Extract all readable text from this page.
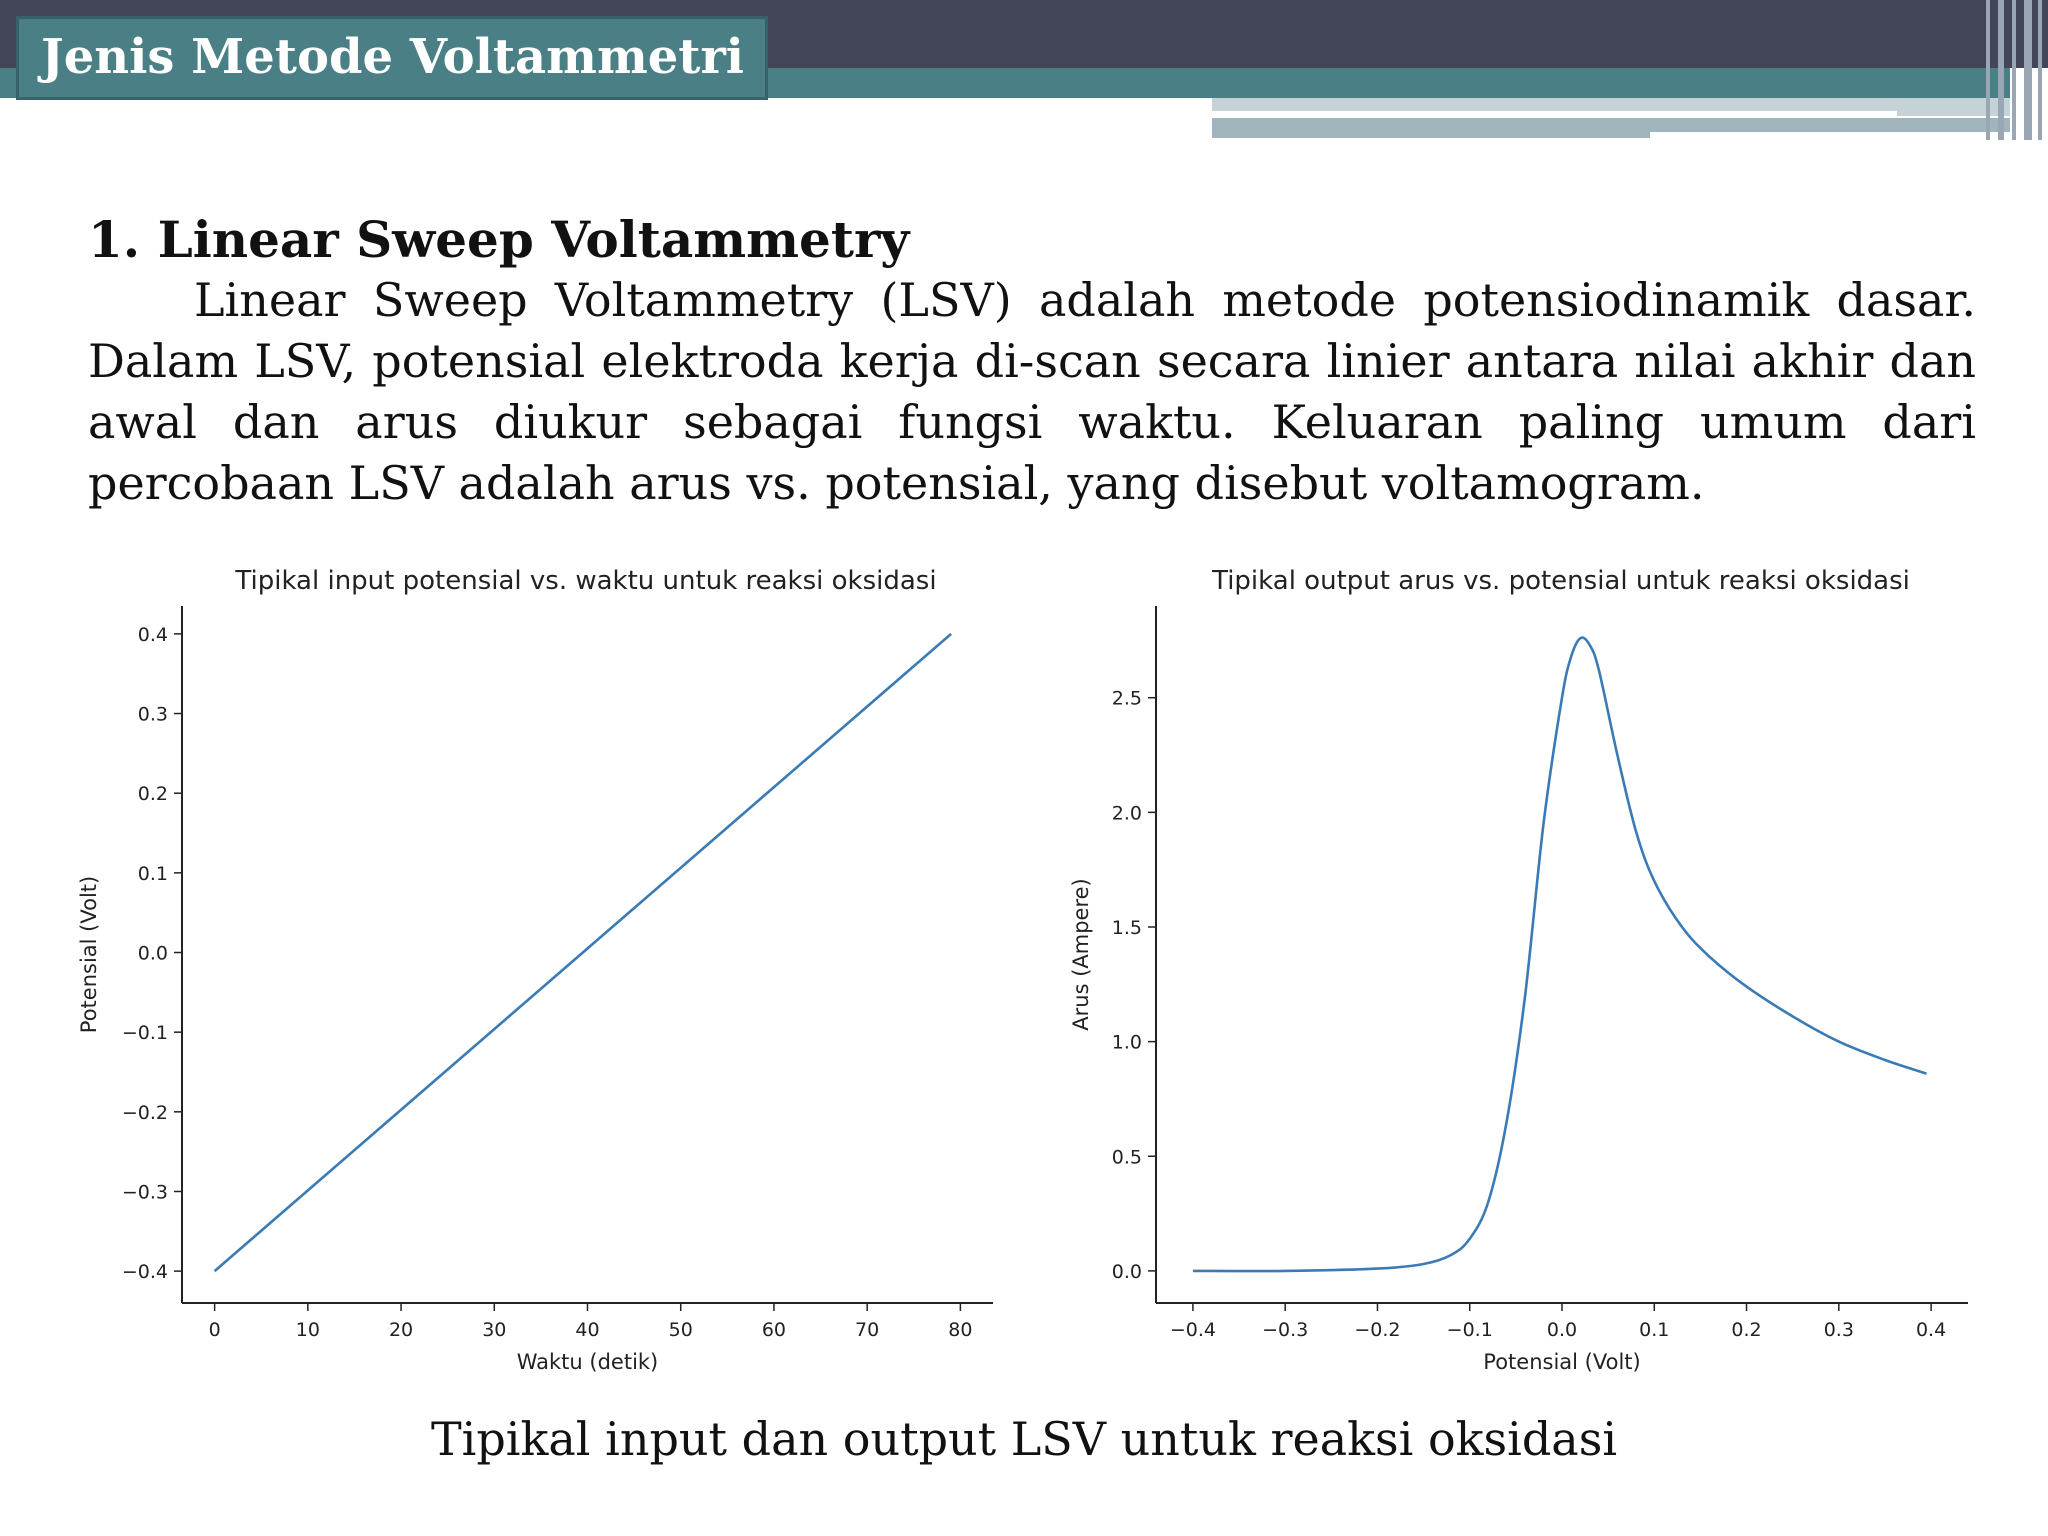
Jenis Metode Voltammetri
1. Linear Sweep Voltammetry
Linear Sweep Voltammetry (LSV) adalah metode potensiodinamik dasar. Dalam LSV, potensial elektroda kerja di-scan secara linier antara nilai akhir dan awal dan arus diukur sebagai fungsi waktu. Keluaran paling umum dari percobaan LSV adalah arus vs. potensial, yang disebut voltamogram.
Tipikal input potensial vs. waktu untuk reaksi oksidasi
0	10	20	30	40	50	60	70	80
−0.4
−0.3
−0.2
−0.1
0.0
0.1
0.2
0.3
0.4
Waktu (detik)
Potensial (Volt)
Tipikal output arus vs. potensial untuk reaksi oksidasi
−0.4 −0.3 −0.2 −0.1	0.0	0.1	0.2	0.3	0.4
0.0
0.5
1.0
1.5
2.0
2.5
Potensial (Volt)
Arus (Ampere)
Tipikal input dan output LSV untuk reaksi oksidasi
